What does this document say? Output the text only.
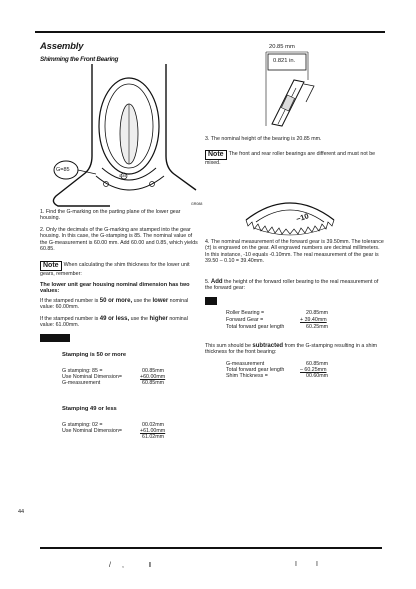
Assembly
Shimming the Front Bearing
G-85
G=85
GR088
20.85 mm
0.821 in.
3. The nominal height of the bearing is 20.85 mm.
Note The front and rear roller bearings are different and must not be mixed.
−10
1. Find the G-marking on the parting plane of the lower gear housing.
2. Only the decimals of the G-marking are stamped into the gear housing. In this case, the G-stamping is 85. The nominal value of the G-measurement is 60.00 mm. Add 60.00 and 0.85, which yields 60.85.
Note When calculating the shim thickness for the lower unit gears, remember:
The lower unit gear housing nominal dimension has two values:
If the stamped number is 50 or more, use the lower nominal value: 60.00mm.
If the stamped number is 49 or less, use the higher nominal value: 61.00mm.
Stamping is 50 or more
G stamping: 85 =	00.85mm
Use Nominal Dimension=	+60.00mm
G-measurement	60.85mm
Stamping 49 or less
G stamping: 02 =	00.02mm
Use Nominal Dimension=	+61.00mm
61.02mm
4. The nominal measurement of the forward gear is 39.50mm. The tolerance (±) is engraved on the gear. All engraved numbers are decimal millimeters. In this instance, -10 equals -0.10mm. The real measurement of the gear is 39.50 – 0.10 = 39.40mm.
5. Add the height of the forward roller bearing to the real measurement of the forward gear:
Roller Bearing =	20.85mm
Forward Gear =	+ 39.40mm
Total forward gear length	60.25mm
This sum should be subtracted from the G-stamping resulting in a shim thickness for the front bearing:
G-measurement	60.85mm
Total forward gear length	– 60.25mm
Shim Thickness =	00.60mm
44
/ ,	I	I	I
